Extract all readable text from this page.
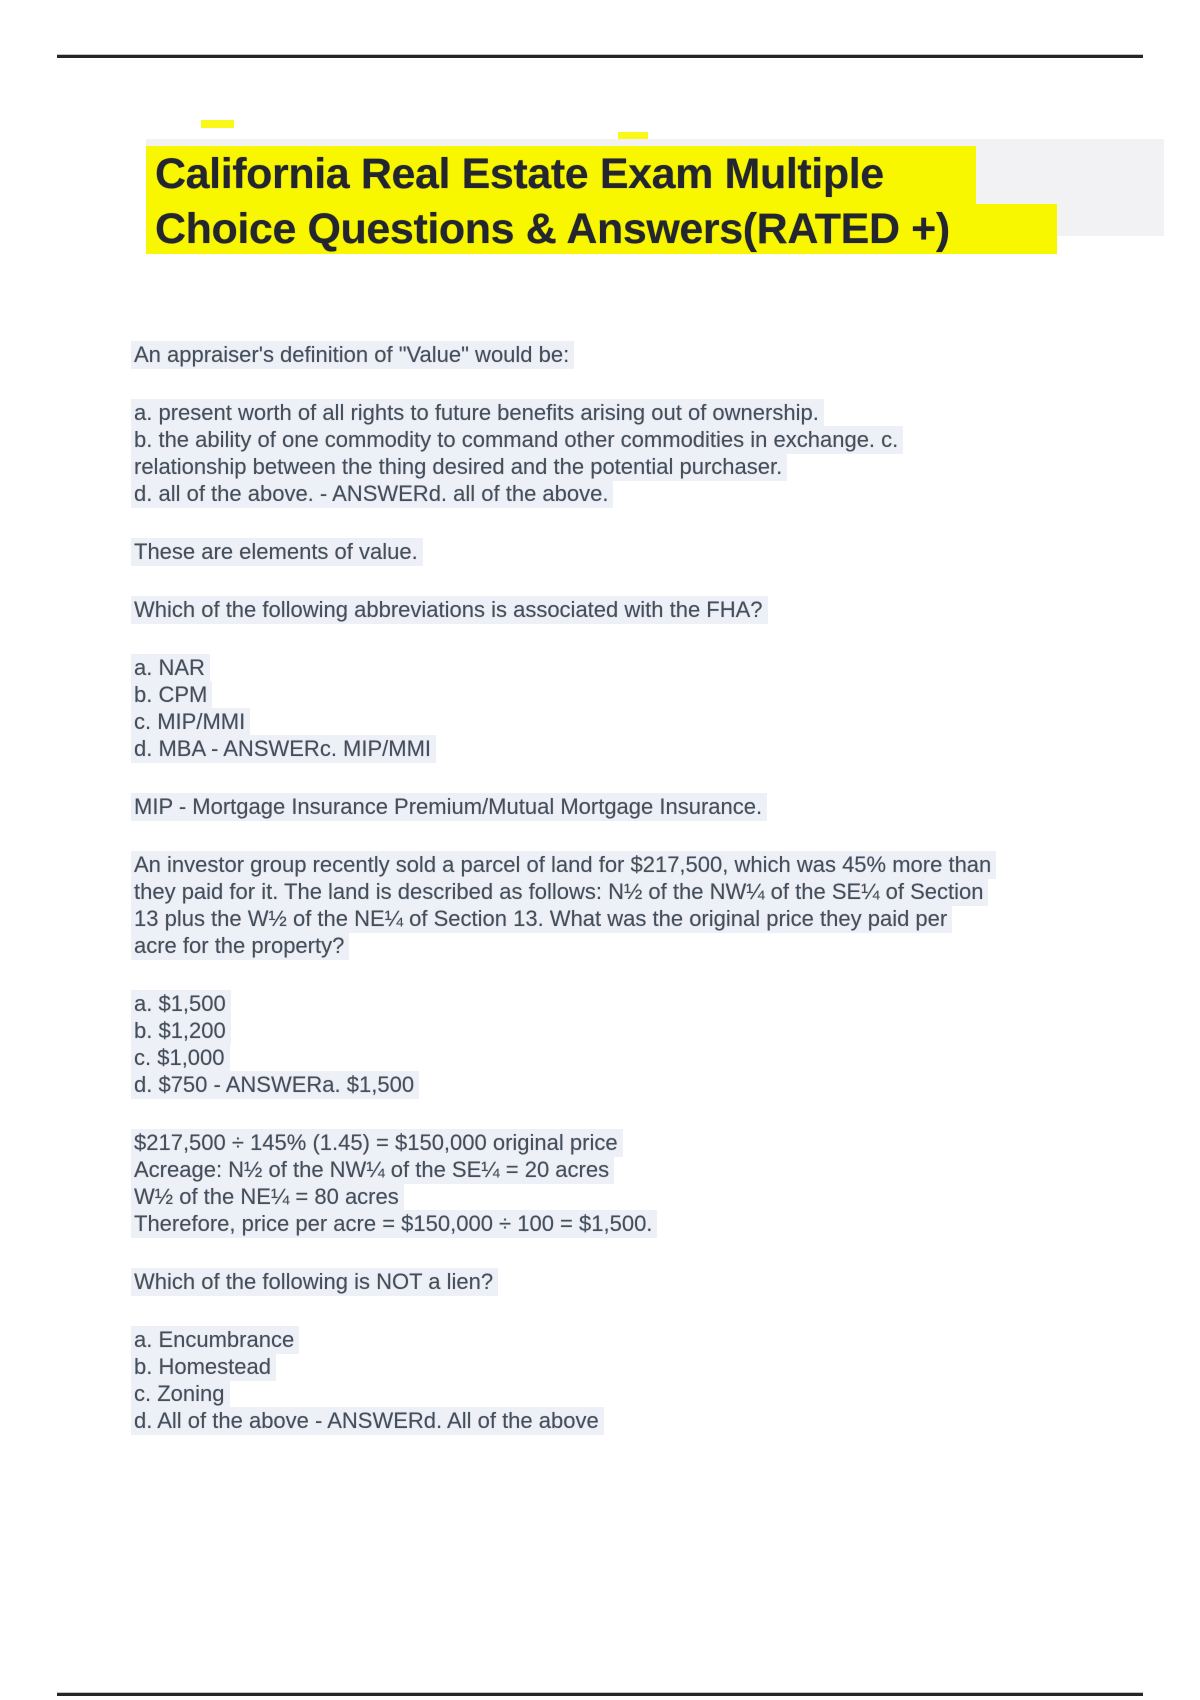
California Real Estate Exam Multiple
Choice Questions & Answers(RATED +)

An appraiser's definition of "Value" would be:

a. present worth of all rights to future benefits arising out of ownership.
b. the ability of one commodity to command other commodities in exchange. c.
relationship between the thing desired and the potential purchaser.
d. all of the above. - ANSWERd. all of the above.

These are elements of value.

Which of the following abbreviations is associated with the FHA?

a. NAR
b. CPM
c. MIP/MMI
d. MBA - ANSWERc. MIP/MMI

MIP - Mortgage Insurance Premium/Mutual Mortgage Insurance.

An investor group recently sold a parcel of land for $217,500, which was 45% more than
they paid for it. The land is described as follows: N½ of the NW¼ of the SE¼ of Section
13 plus the W½ of the NE¼ of Section 13. What was the original price they paid per
acre for the property?

a. $1,500
b. $1,200
c. $1,000
d. $750 - ANSWERa. $1,500

$217,500 ÷ 145% (1.45) = $150,000 original price
Acreage: N½ of the NW¼ of the SE¼ = 20 acres
W½ of the NE¼ = 80 acres
Therefore, price per acre = $150,000 ÷ 100 = $1,500.

Which of the following is NOT a lien?

a. Encumbrance
b. Homestead
c. Zoning
d. All of the above - ANSWERd. All of the above
